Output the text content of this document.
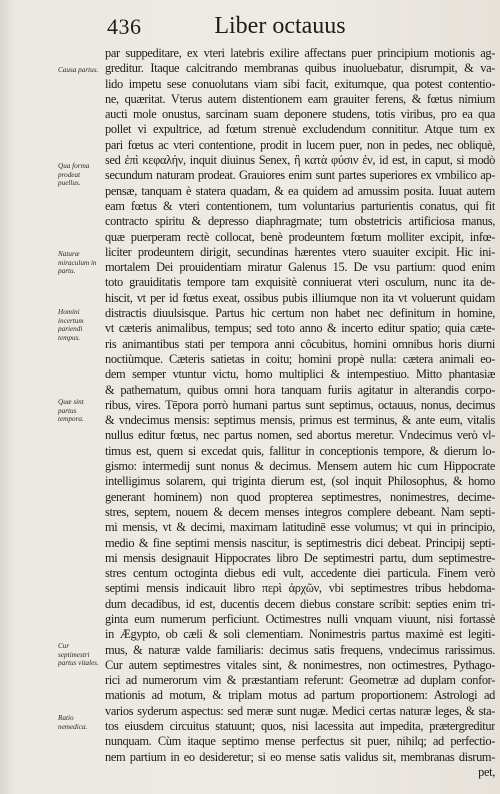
436	Liber octauus
Causa partus.
Qua forma prodeat puellus.
Naturæ miraculum in partu.
Homini incertum pariendi tempus.
Quæ sint partus tempora.
Cur septimestri partus vitales.
Ratio nemedica.
par suppeditare, ex vteri latebris exilire affectans puer principium motionis ag-
greditur. Itaque calcitrando membranas quibus inuoluebatur, disrumpit, & va-
lido impetu sese conuolutans viam sibi facit, exitumque, qua potest contentio-
ne, quæritat. Vterus autem distentionem eam grauiter ferens, & fœtus nimium
aucti mole onustus, sarcinam suam deponere studens, totis viribus, pro ea qua
pollet vi expultrice, ad fœtum strenuè excludendum connititur. Atque tum ex
pari fœtus ac vteri contentione, prodit in lucem puer, non in pedes, nec obliquè,
sed ἐπὶ κεφαλήν, inquit diuinus Senex, ἢ κατὰ φύσιν ἐν, id est, in caput, si modò
secundum naturam prodeat. Grauiores enim sunt partes superiores ex vmbilico ap-
pensæ, tanquam è statera quadam, & ea quidem ad amussim posita. Iuuat autem
eam fœtus & vteri contentionem, tum voluntarius parturientis conatus, qui fit
contracto spiritu & depresso diaphragmate; tum obstetricis artificiosa manus,
quæ puerperam rectè collocat, benè prodeuntem fœtum molliter excipit, infœ-
liciter prodeuntem dirigit, secundinas hærentes vtero suauiter excipit. Hic ini-
mortalem Dei prouidentiam miratur Galenus 15. De vsu partium: quod enim
toto grauiditatis tempore tam exquisitè conniuerat vteri osculum, nunc ita de-
hiscit, vt per id fœtus exeat, ossibus pubis illiumque non ita vt voluerunt quidam
distractis diuulsisque. Partus hic certum non habet nec definitum in homine,
vt cæteris animalibus, tempus; sed toto anno & incerto editur spatio; quia cæte-
ris animantibus stati per tempora anni côcubitus, homini omnibus horis diurni
noctiùmque. Cæteris satietas in coitu; homini propè nulla: cætera animali eo-
dem semper vtuntur victu, homo multiplici & intempestiuo. Mitto phantasiæ
& pathematum, quibus omni hora tanquam furiis agitatur in alterandis corpo-
ribus, vires. Tēpora porrò humani partus sunt septimus, octauus, nonus, decimus
& vndecimus mensis: septimus mensis, primus est terminus, & ante eum, vitalis
nullus editur fœtus, nec partus nomen, sed abortus meretur. Vndecimus verò vl-
timus est, quem si excedat quis, fallitur in conceptionis tempore, & dierum lo-
gismo: intermedij sunt nonus & decimus. Mensem autem hic cum Hippocrate
intelligimus solarem, qui triginta dierum est, (sol inquit Philosophus, & homo
generant hominem) non quod propterea septimestres, nonimestres, decime-
stres, septem, nouem & decem menses integros complere debeant. Nam septi-
mi mensis, vt & decimi, maximam latitudinē esse volumus; vt qui in principio,
medio & fine septimi mensis nascitur, is septimestris dici debeat. Principij septi-
mi mensis designauit Hippocrates libro De septimestri partu, dum septimestre-
stres centum octoginta diebus edi vult, accedente diei particula. Finem verò
septimi mensis indicauit libro περὶ ἀρχῶν, vbi septimestres tribus hebdoma-
dum decadibus, id est, ducentis decem diebus constare scribit: septies enim tri-
ginta eum numerum perficiunt. Octimestres nulli vnquam viuunt, nisi fortassè
in Ægypto, ob cæli & soli clementiam. Nonimestris partus maximè est legiti-
mus, & naturæ valde familiaris: decimus satis frequens, vndecimus rarissimus.
Cur autem septimestres vitales sint, & nonimestres, non octimestres, Pythago-
rici ad numerorum vim & præstantiam referunt: Geometræ ad duplam confor-
mationis ad motum, & triplam motus ad partum proportionem: Astrologi ad
varios syderum aspectus: sed meræ sunt nugæ. Medici certas naturæ leges, & sta-
tos eiusdem circuitus statuunt; quos, nisi lacessita aut impedita, prætergreditur
nunquam. Cùm itaque septimo mense perfectus sit puer, nihilq; ad perfectio-
nem partium in eo desideretur; si eo mense satis validus sit, membranas disrum-
pet,
